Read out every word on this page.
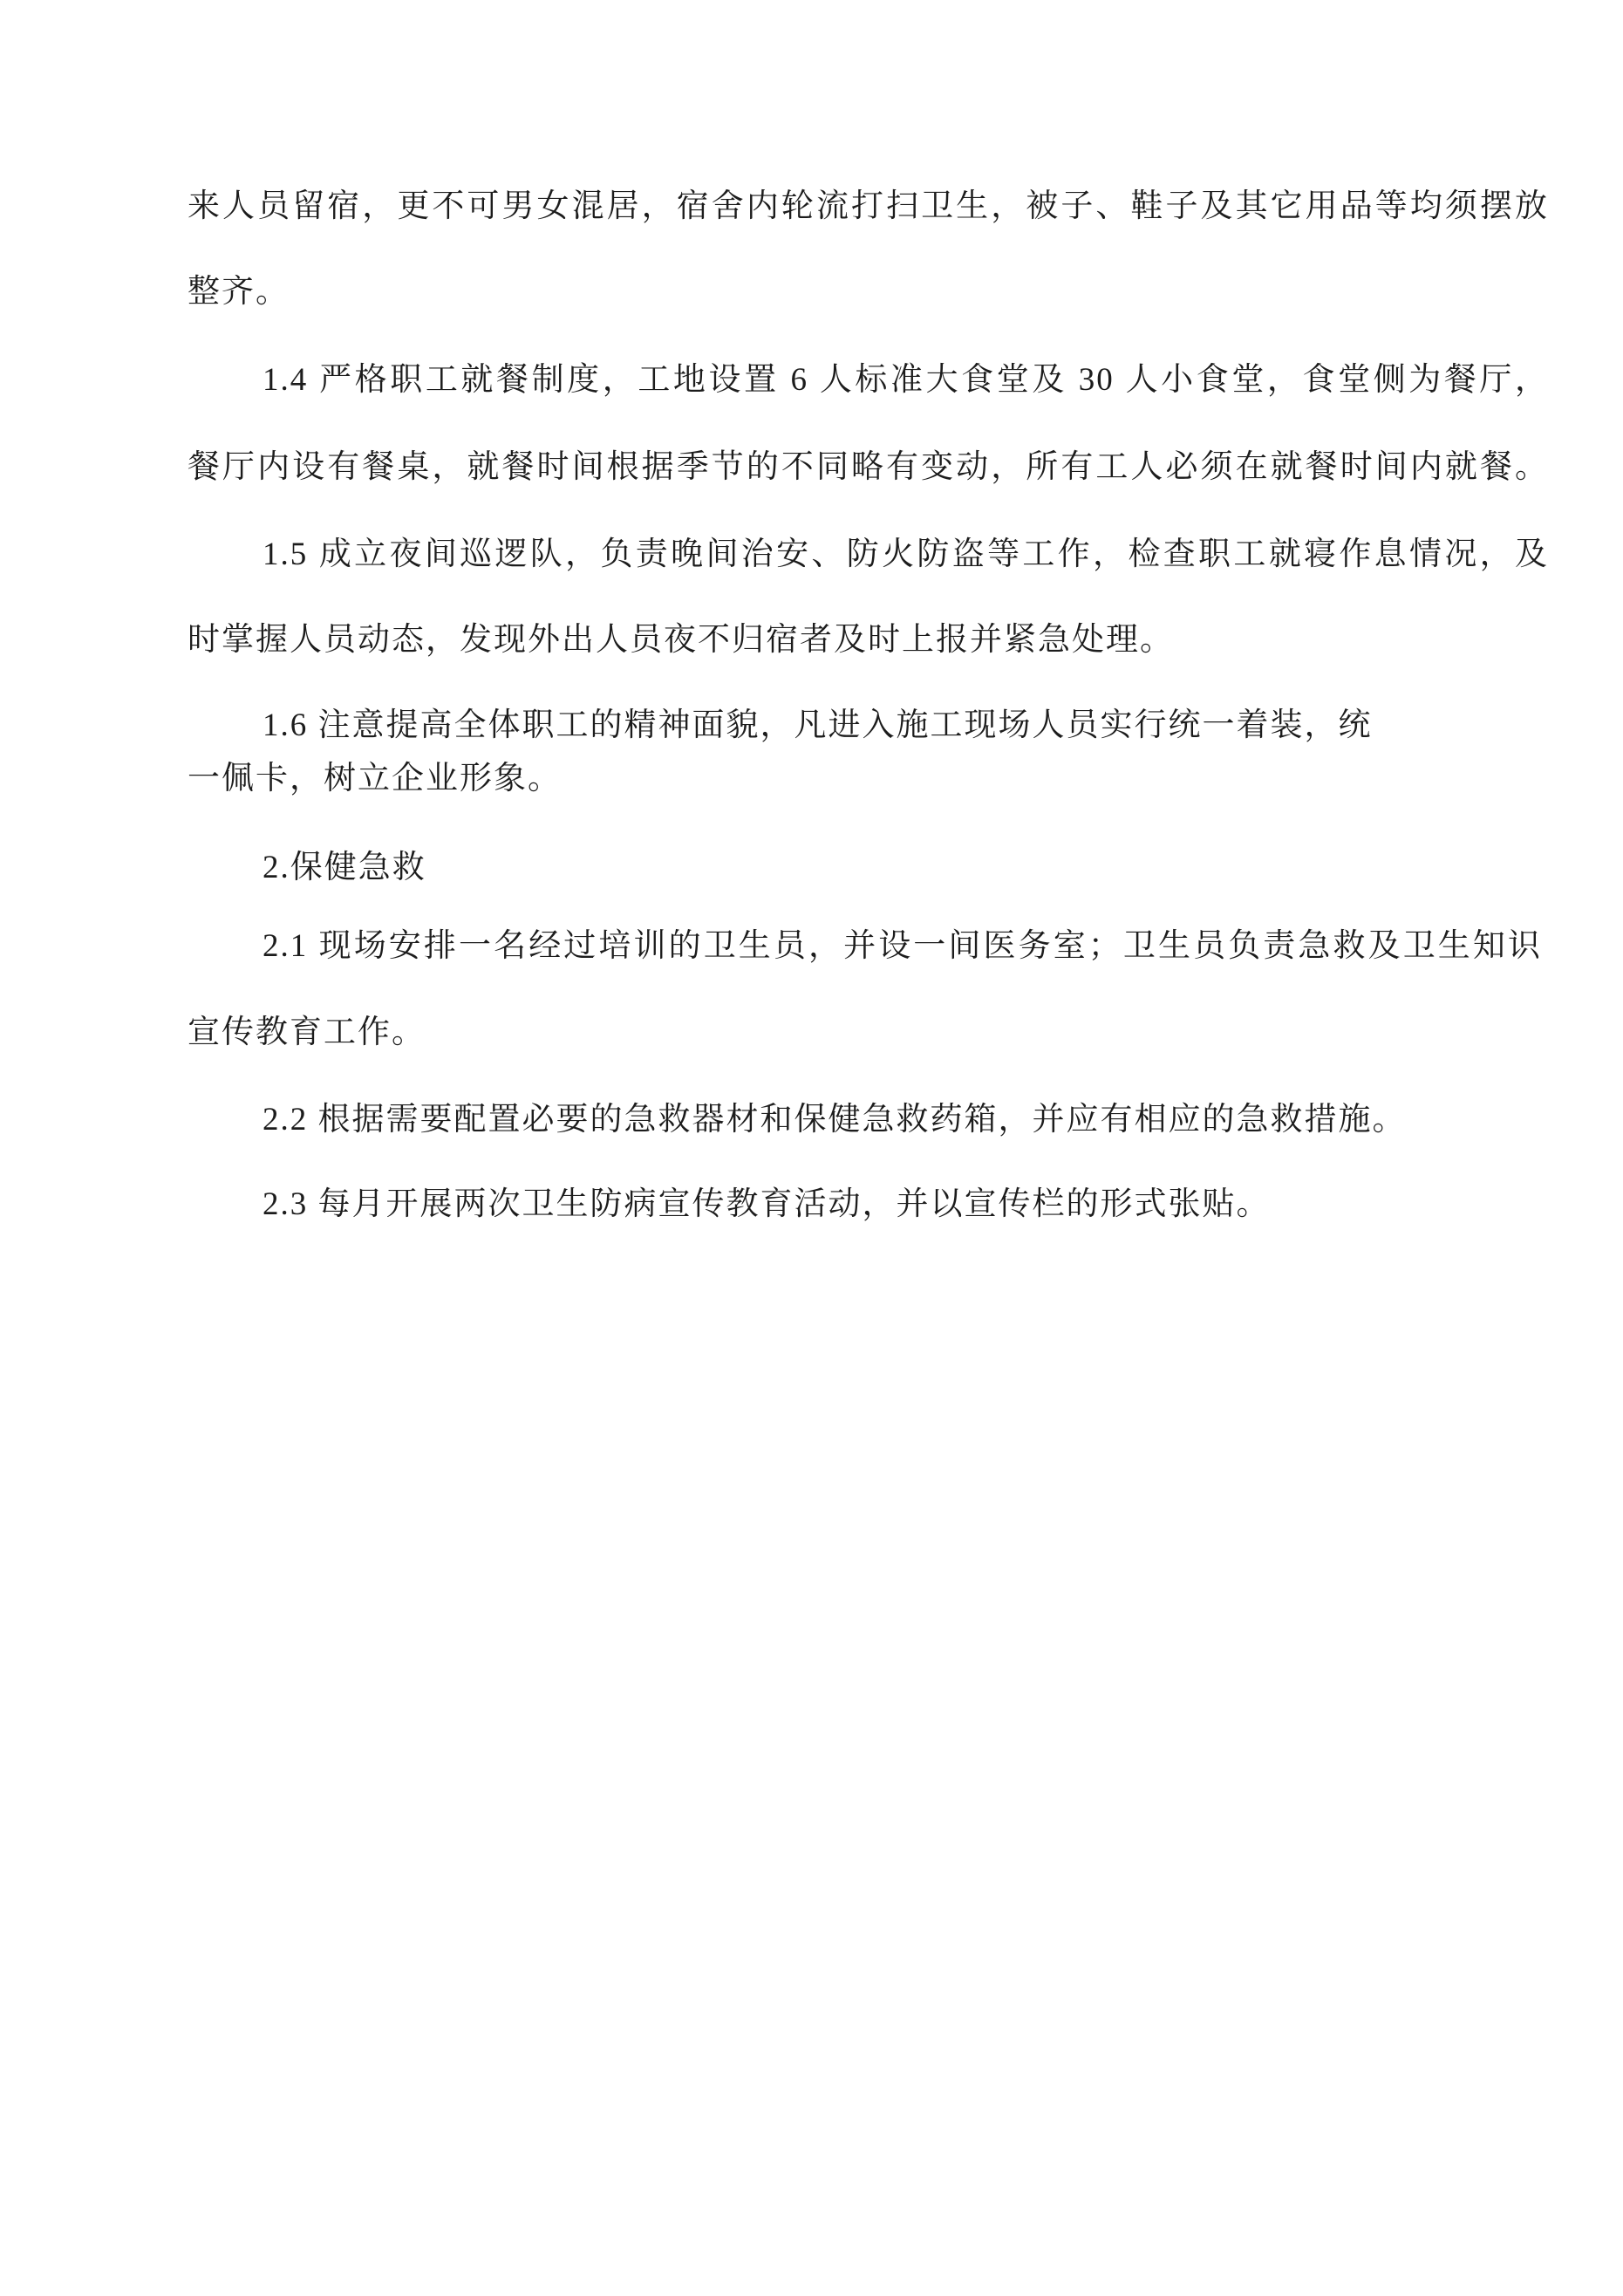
来人员留宿，更不可男女混居，宿舍内轮流打扫卫生，被子、鞋子及其它用品等均须摆放
整齐。
1.4 严格职工就餐制度，工地设置 6 人标准大食堂及 30 人小食堂，食堂侧为餐厅，
餐厅内设有餐桌，就餐时间根据季节的不同略有变动，所有工人必须在就餐时间内就餐。
1.5 成立夜间巡逻队，负责晚间治安、防火防盗等工作，检查职工就寝作息情况，及
时掌握人员动态，发现外出人员夜不归宿者及时上报并紧急处理。
1.6 注意提高全体职工的精神面貌，凡进入施工现场人员实行统一着装，统
一佩卡，树立企业形象。
2.保健急救
2.1 现场安排一名经过培训的卫生员，并设一间医务室；卫生员负责急救及卫生知识
宣传教育工作。
2.2 根据需要配置必要的急救器材和保健急救药箱，并应有相应的急救措施。
2.3 每月开展两次卫生防病宣传教育活动，并以宣传栏的形式张贴。
